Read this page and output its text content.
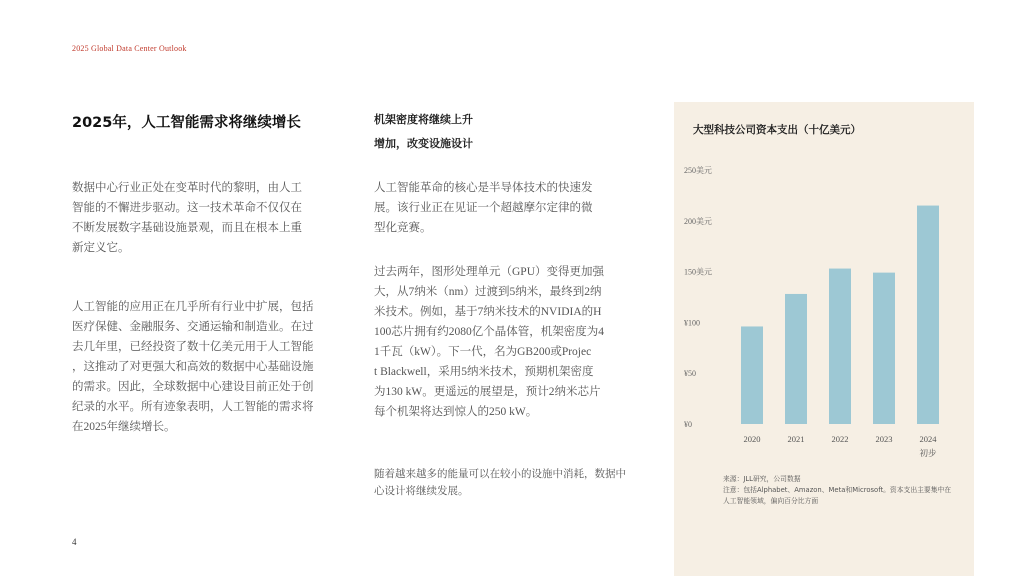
2025 Global Data Center Outlook
2025年，人工智能需求将继续增长
数据中心行业正处在变革时代的黎明，由人工
智能的不懈进步驱动。这一技术革命不仅仅在
不断发展数字基础设施景观，而且在根本上重
新定义它。
人工智能的应用正在几乎所有行业中扩展，包括
医疗保健、金融服务、交通运输和制造业。在过
去几年里，已经投资了数十亿美元用于人工智能
，这推动了对更强大和高效的数据中心基础设施
的需求。因此，全球数据中心建设目前正处于创
纪录的水平。所有迹象表明，人工智能的需求将
在2025年继续增长。
机架密度将继续上升
增加，改变设施设计
人工智能革命的核心是半导体技术的快速发
展。该行业正在见证一个超越摩尔定律的微
型化竞赛。
过去两年，图形处理单元（GPU）变得更加强
大，从7纳米（nm）过渡到5纳米，最终到2纳
米技术。例如，基于7纳米技术的NVIDIA的H
100芯片拥有约2080亿个晶体管，机架密度为4
1千瓦（kW）。下一代，名为GB200或Projec
t Blackwell，采用5纳米技术，预期机架密度
为130 kW。更遥远的展望是，预计2纳米芯片
每个机架将达到惊人的250 kW。
随着越来越多的能量可以在较小的设施中消耗，数据中
心设计将继续发展。
4
大型科技公司资本支出（十亿美元）
¥0
¥50
¥100
150美元
200美元
250美元
2020	2021	2022	2023	2024
初步
来源：JLL研究，公司数据
注意：包括Alphabet、Amazon、Meta和Microsoft。资本支出主要集中在
人工智能领域，偏向百分比方面
